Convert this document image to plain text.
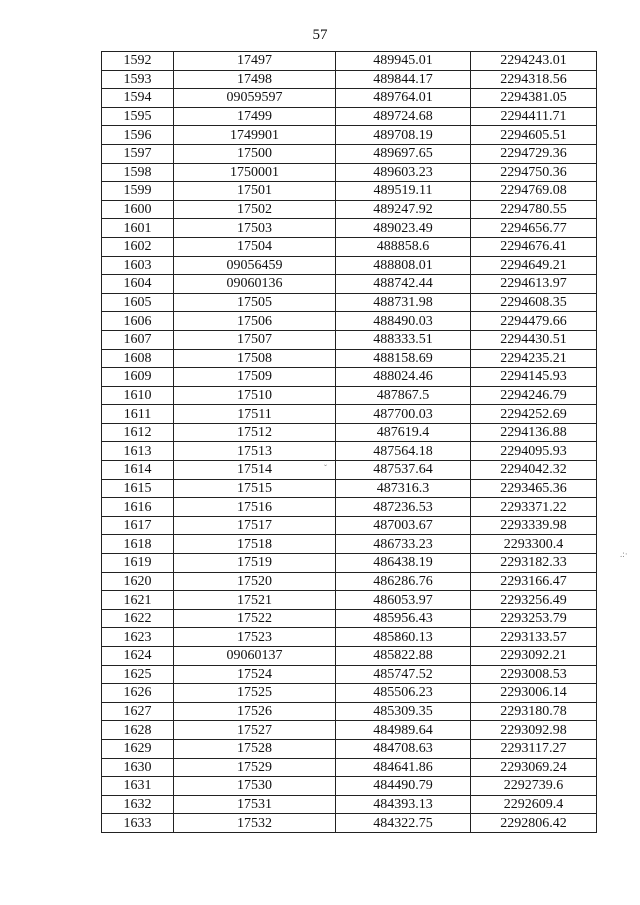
57
1592	17497	489945.01	2294243.01
1593	17498	489844.17	2294318.56
1594	09059597	489764.01	2294381.05
1595	17499	489724.68	2294411.71
1596	1749901	489708.19	2294605.51
1597	17500	489697.65	2294729.36
1598	1750001	489603.23	2294750.36
1599	17501	489519.11	2294769.08
1600	17502	489247.92	2294780.55
1601	17503	489023.49	2294656.77
1602	17504	488858.6	2294676.41
1603	09056459	488808.01	2294649.21
1604	09060136	488742.44	2294613.97
1605	17505	488731.98	2294608.35
1606	17506	488490.03	2294479.66
1607	17507	488333.51	2294430.51
1608	17508	488158.69	2294235.21
1609	17509	488024.46	2294145.93
1610	17510	487867.5	2294246.79
1611	17511	487700.03	2294252.69
1612	17512	487619.4	2294136.88
1613	17513	487564.18	2294095.93
1614	17514	487537.64	2294042.32
1615	17515	487316.3	2293465.36
1616	17516	487236.53	2293371.22
1617	17517	487003.67	2293339.98
1618	17518	486733.23	2293300.4
1619	17519	486438.19	2293182.33
1620	17520	486286.76	2293166.47
1621	17521	486053.97	2293256.49
1622	17522	485956.43	2293253.79
1623	17523	485860.13	2293133.57
1624	09060137	485822.88	2293092.21
1625	17524	485747.52	2293008.53
1626	17525	485506.23	2293006.14
1627	17526	485309.35	2293180.78
1628	17527	484989.64	2293092.98
1629	17528	484708.63	2293117.27
1630	17529	484641.86	2293069.24
1631	17530	484490.79	2292739.6
1632	17531	484393.13	2292609.4
1633	17532	484322.75	2292806.42
ˇ
.:·
